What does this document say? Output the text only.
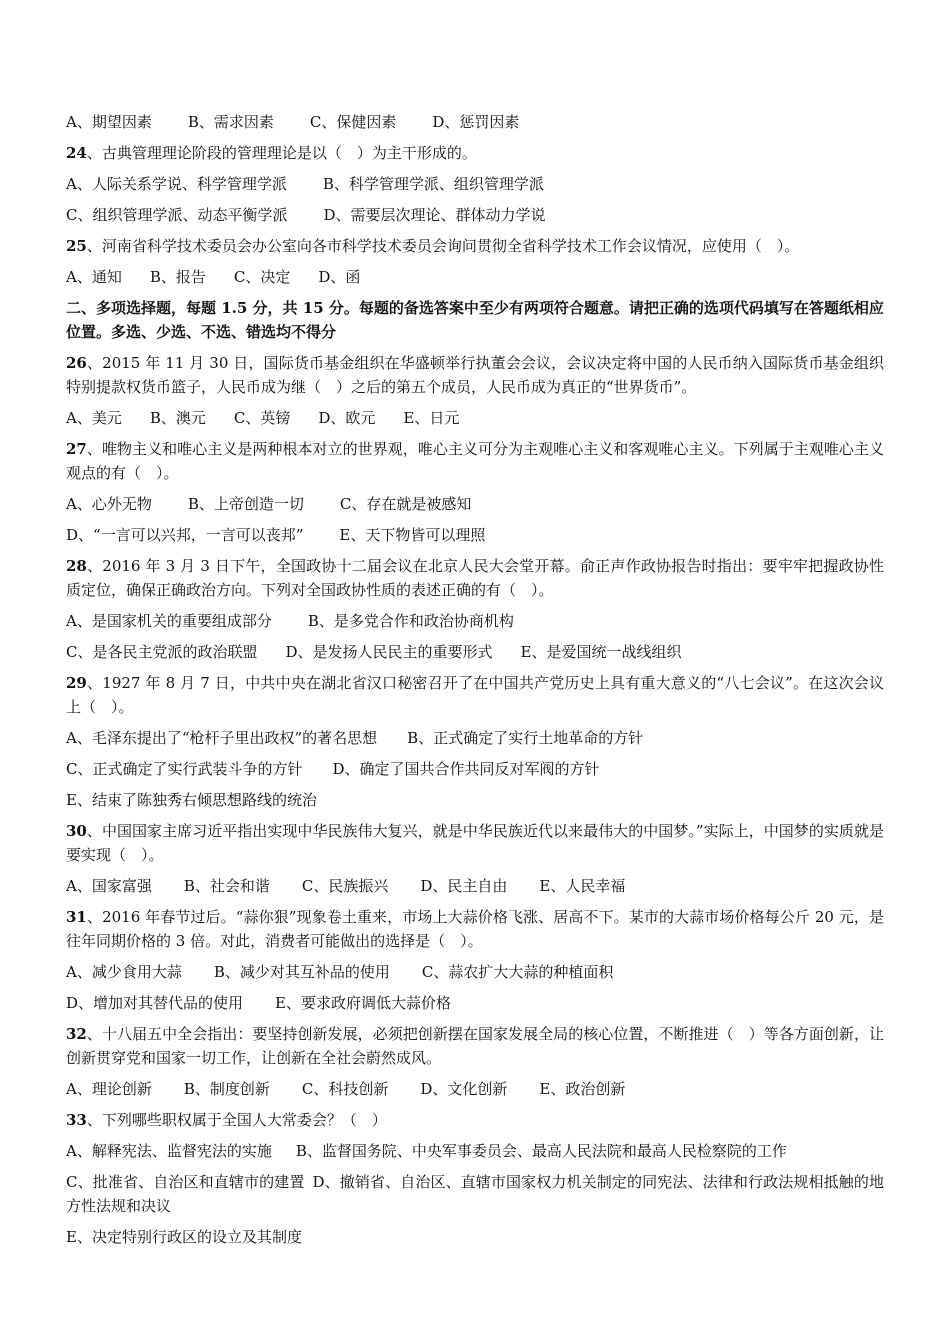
A、期望因素 B、需求因素 C、保健因素 D、惩罚因素
24、古典管理理论阶段的管理理论是以（　）为主干形成的。
A、人际关系学说、科学管理学派 B、科学管理学派、组织管理学派
C、组织管理学派、动态平衡学派 D、需要层次理论、群体动力学说
25、河南省科学技术委员会办公室向各市科学技术委员会询问贯彻全省科学技术工作会议情况，应使用（　）。
A、通知 B、报告 C、决定 D、函
二、多项选择题，每题 1.5 分，共 15 分。每题的备选答案中至少有两项符合题意。请把正确的选项代码填写在答题纸相应位置。多选、少选、不选、错选均不得分
26、2015 年 11 月 30 日，国际货币基金组织在华盛顿举行执董会会议，会议决定将中国的人民币纳入国际货币基金组织特别提款权货币篮子，人民币成为继（　）之后的第五个成员，人民币成为真正的“世界货币”。
A、美元 B、澳元 C、英镑 D、欧元 E、日元
27、唯物主义和唯心主义是两种根本对立的世界观，唯心主义可分为主观唯心主义和客观唯心主义。下列属于主观唯心主义观点的有（　）。
A、心外无物 B、上帝创造一切 C、存在就是被感知
D、“一言可以兴邦，一言可以丧邦” E、天下物皆可以理照
28、2016 年 3 月 3 日下午，全国政协十二届会议在北京人民大会堂开幕。俞正声作政协报告时指出：要牢牢把握政协性质定位，确保正确政治方向。下列对全国政协性质的表述正确的有（　）。
A、是国家机关的重要组成部分 B、是多党合作和政治协商机构
C、是各民主党派的政治联盟 D、是发扬人民民主的重要形式 E、是爱国统一战线组织
29、1927 年 8 月 7 日，中共中央在湖北省汉口秘密召开了在中国共产党历史上具有重大意义的“八七会议”。在这次会议上（　）。
A、毛泽东提出了“枪杆子里出政权”的著名思想 B、正式确定了实行土地革命的方针
C、正式确定了实行武装斗争的方针 D、确定了国共合作共同反对军阀的方针
E、结束了陈独秀右倾思想路线的统治
30、中国国家主席习近平指出实现中华民族伟大复兴，就是中华民族近代以来最伟大的中国梦。”实际上，中国梦的实质就是要实现（　）。
A、国家富强 B、社会和谐 C、民族振兴 D、民主自由 E、人民幸福
31、2016 年春节过后。“蒜你狠”现象卷土重来，市场上大蒜价格飞涨、居高不下。某市的大蒜市场价格每公斤 20 元，是往年同期价格的 3 倍。对此，消费者可能做出的选择是（　）。
A、减少食用大蒜 B、减少对其互补品的使用 C、蒜农扩大大蒜的种植面积
D、增加对其替代品的使用 E、要求政府调低大蒜价格
32、十八届五中全会指出：要坚持创新发展，必须把创新摆在国家发展全局的核心位置，不断推进（　）等各方面创新，让创新贯穿党和国家一切工作，让创新在全社会蔚然成风。
A、理论创新 B、制度创新 C、科技创新 D、文化创新 E、政治创新
33、下列哪些职权属于全国人大常委会？（　）
A、解释宪法、监督宪法的实施 B、监督国务院、中央军事委员会、最高人民法院和最高人民检察院的工作
C、批准省、自治区和直辖市的建置 D、撤销省、自治区、直辖市国家权力机关制定的同宪法、法律和行政法规相抵触的地方性法规和决议
E、决定特别行政区的设立及其制度
